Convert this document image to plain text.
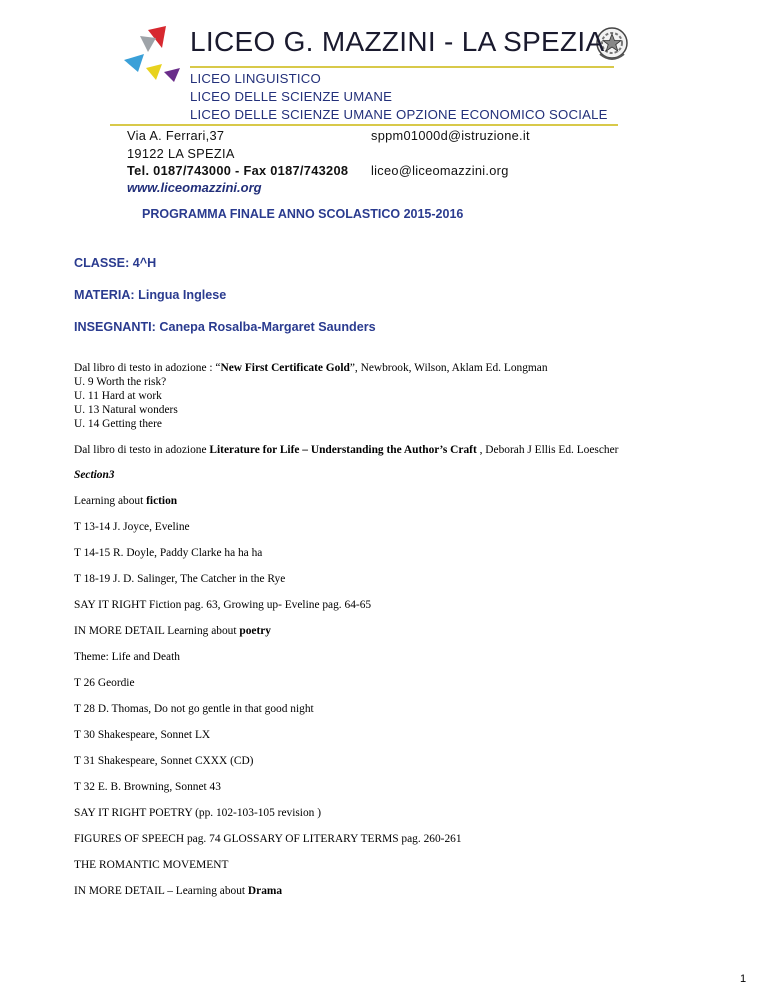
LICEO G. MAZZINI - LA SPEZIA
LICEO LINGUISTICO
LICEO DELLE SCIENZE UMANE
LICEO DELLE SCIENZE UMANE OPZIONE ECONOMICO SOCIALE
Via A. Ferrari,37
19122 LA SPEZIA
Tel. 0187/743000 - Fax 0187/743208
sppm01000d@istruzione.it
liceo@liceomazzini.org
www.liceomazzini.org
PROGRAMMA FINALE ANNO SCOLASTICO 2015-2016
CLASSE: 4^H
MATERIA: Lingua Inglese
INSEGNANTI: Canepa Rosalba-Margaret Saunders
Dal libro di testo in adozione : “New First Certificate Gold”, Newbrook, Wilson, Aklam Ed. Longman
U. 9 Worth the risk?
U. 11 Hard at work
U. 13 Natural wonders
U. 14 Getting there
Dal libro di testo in adozione Literature for Life – Understanding the Author’s Craft , Deborah J Ellis Ed. Loescher
Section3
Learning about fiction
T 13-14 J. Joyce, Eveline
T 14-15 R. Doyle, Paddy Clarke ha ha ha
T 18-19 J. D. Salinger, The Catcher in the Rye
SAY IT RIGHT Fiction pag. 63, Growing up- Eveline pag. 64-65
IN MORE DETAIL Learning about poetry
Theme: Life and Death
T 26 Geordie
T 28 D. Thomas, Do not go gentle in that good night
T 30 Shakespeare, Sonnet LX
T 31 Shakespeare, Sonnet CXXX (CD)
T 32 E. B. Browning, Sonnet 43
SAY IT RIGHT POETRY (pp. 102-103-105 revision )
FIGURES OF SPEECH pag. 74 GLOSSARY OF LITERARY TERMS pag. 260-261
THE ROMANTIC MOVEMENT
IN MORE DETAIL – Learning about Drama
1
